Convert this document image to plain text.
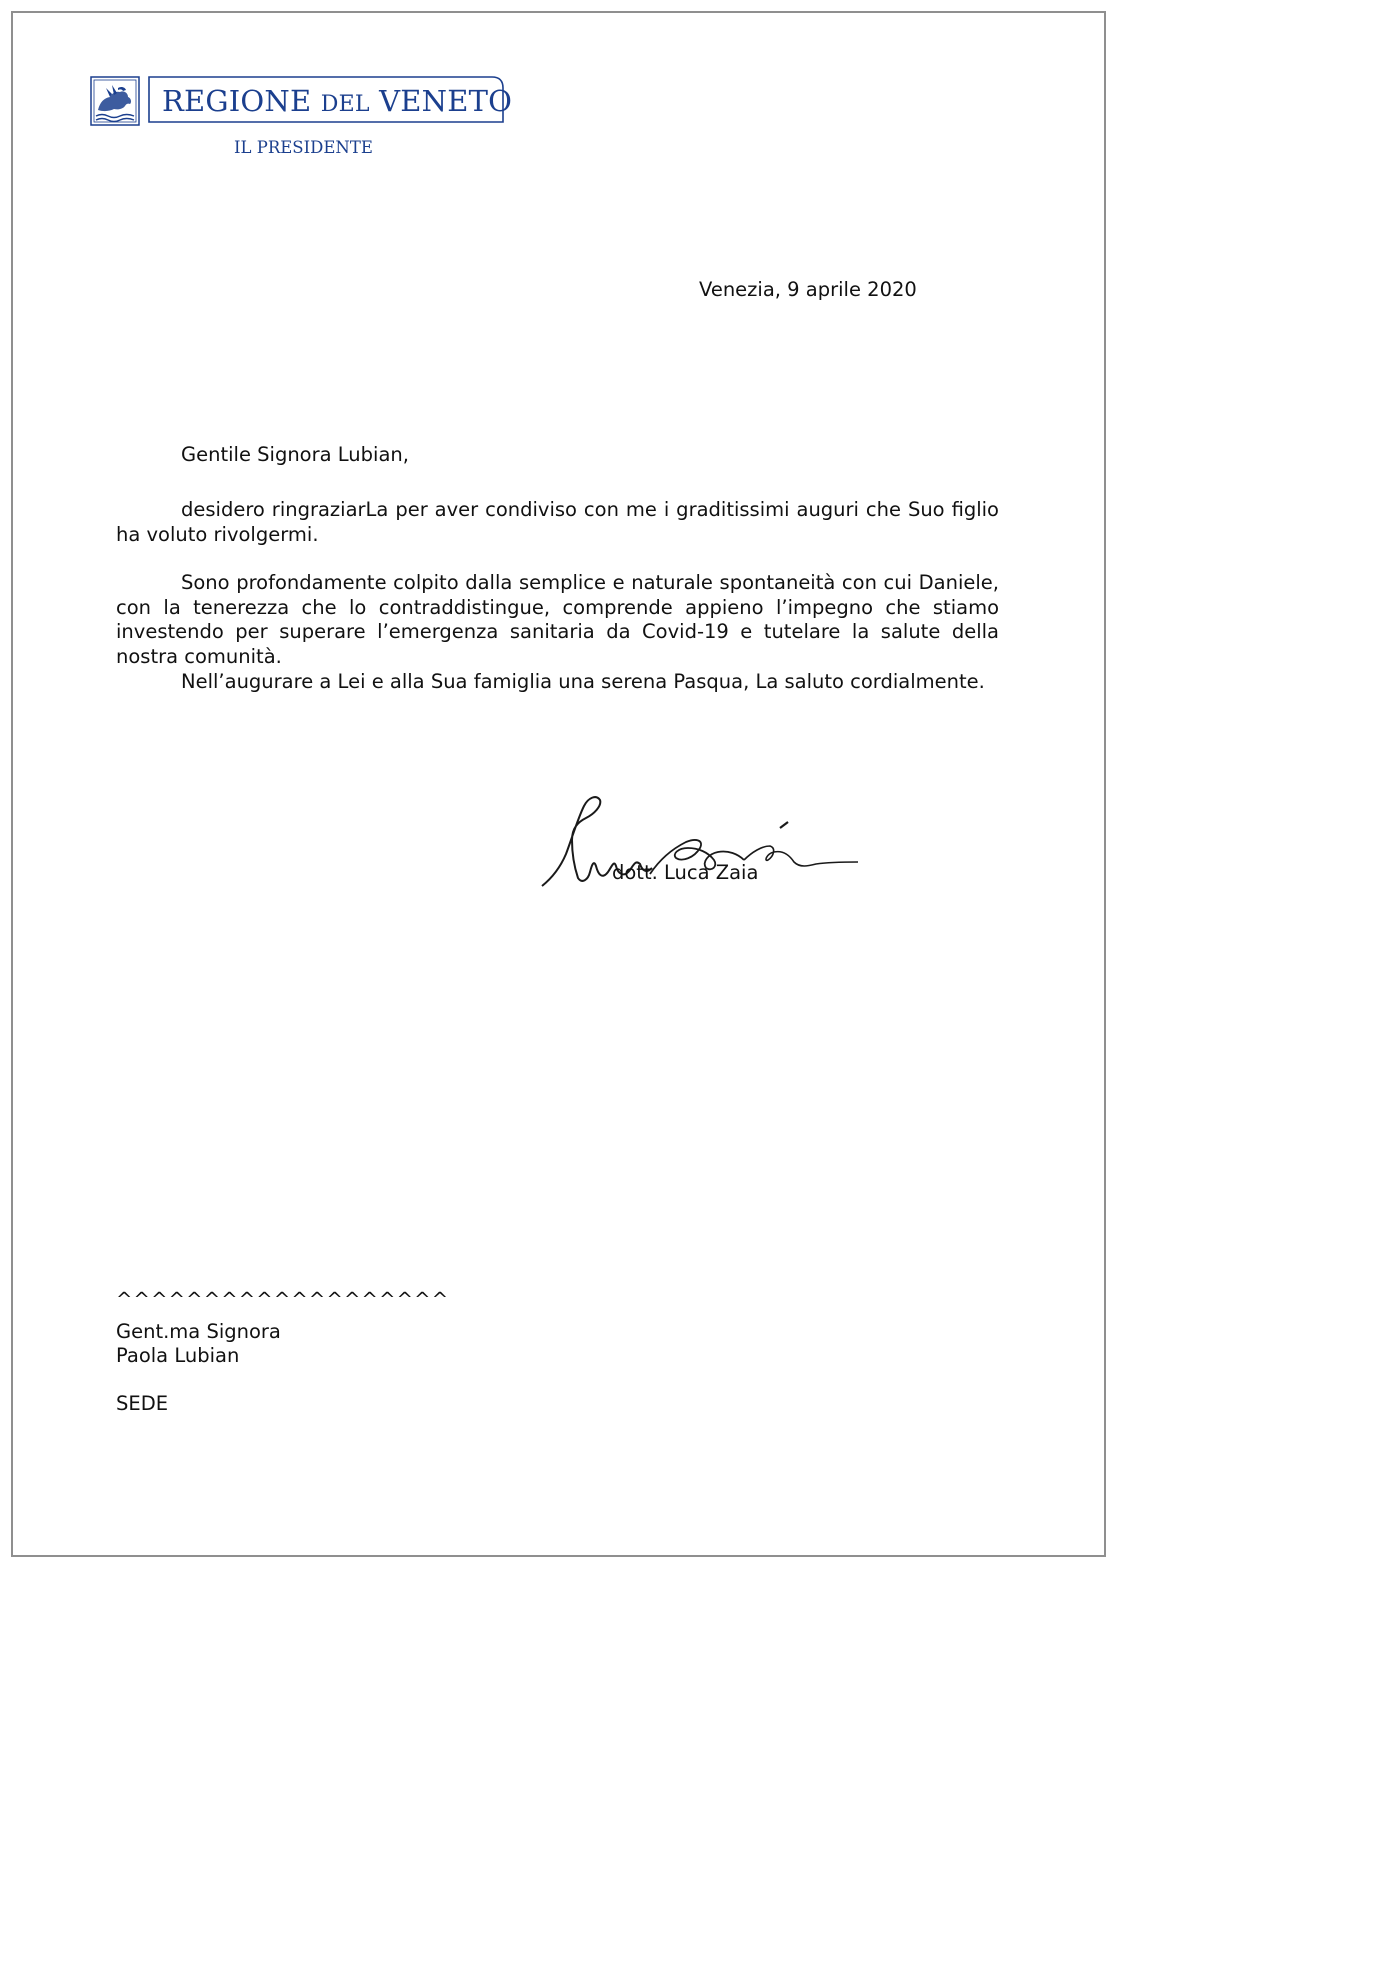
REGIONE DEL VENETO
IL PRESIDENTE
Venezia, 9 aprile 2020
Gentile Signora Lubian,
desidero ringraziarLa per aver condiviso con me i graditissimi auguri che Suo figlio ha voluto rivolgermi.
Sono profondamente colpito dalla semplice e naturale spontaneità con cui Daniele, con la tenerezza che lo contraddistingue, comprende appieno l’impegno che stiamo investendo per superare l’emergenza sanitaria da Covid-19 e tutelare la salute della nostra comunità.
Nell’augurare a Lei e alla Sua famiglia una serena Pasqua, La saluto cordialmente.
dott. Luca Zaia
^^^^^^^^^^^^^^^^^^^
Gent.ma Signora
Paola Lubian
SEDE
